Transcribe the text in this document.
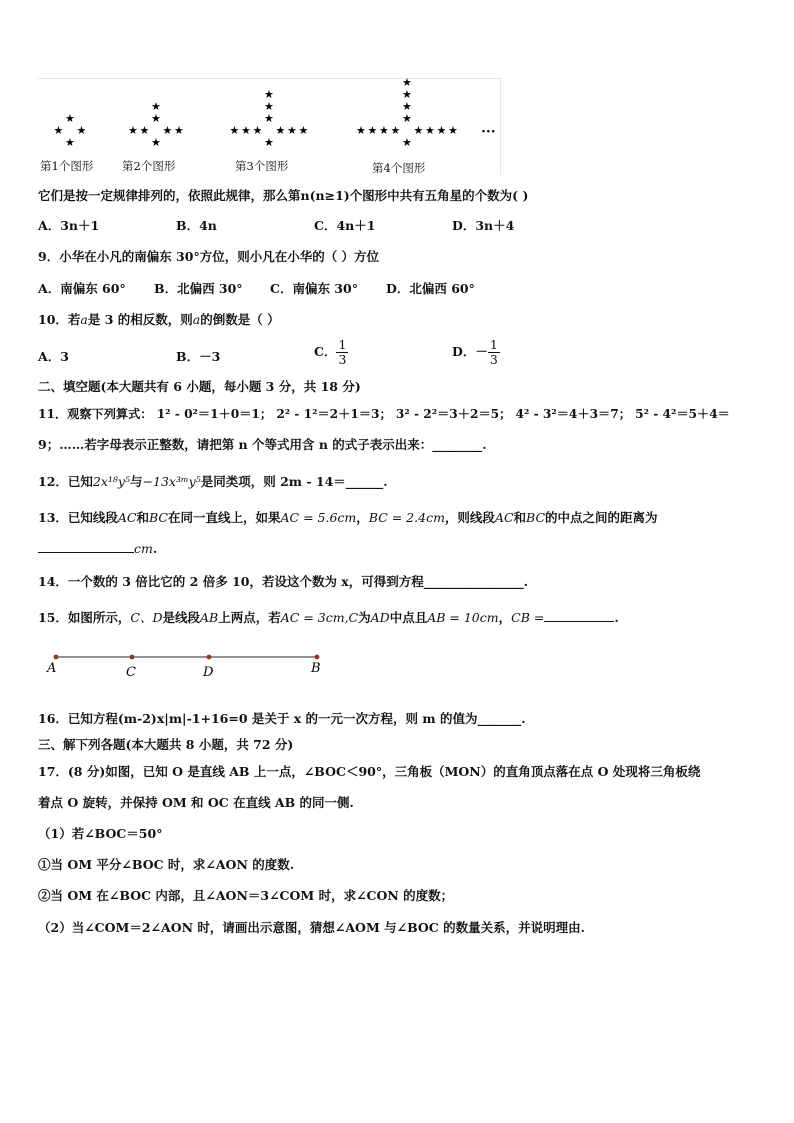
★
★
★ ★
★
★
★
★ ★
★	★
★
★
★
★
★ ★
★	★
★	★
★
★
★
★
★
★ ★
★	★
★	★
★	★
第1个图形 第2个图形	第3个图形	第4个图形
···
它们是按一定规律排列的，依照此规律，那么第n(n≥1)个图形中共有五角星的个数为( )
A．3n＋1	B．4n	C．4n＋1	D．3n＋4
9．小华在小凡的南偏东 30°方位，则小凡在小华的（ ）方位
A．南偏东 60° B．北偏西 30° C．南偏东 30° D．北偏西 60°
10．若a是 3 的相反数，则a的倒数是（ ）
A．3	B．－3	C． $\frac{1}{3}$	D．－ $\frac{1}{3}$
二、填空题(本大题共有 6 小题，每小题 3 分，共 18 分)
11．观察下列算式： 1² - 0²＝1＋0＝1； 2² - 1²＝2＋1＝3； 3² - 2²＝3＋2＝5； 4² - 3²＝4＋3＝7； 5² - 4²＝5＋4＝
9；……若字母表示正整数，请把第 n 个等式用含 n 的式子表示出来：________.
12．已知2x¹⁸y⁵与−13x³ᵐy⁵是同类项，则 2m - 14＝______.
13．已知线段AC和BC在同一直线上，如果AC = 5.6cm，BC = 2.4cm，则线段AC和BC的中点之间的距离为
cm.
14．一个数的 3 倍比它的 2 倍多 10，若设这个数为 x，可得到方程________________.
15．如图所示，C、D是线段AB上两点，若AC = 3cm,C为AD中点且AB = 10cm，CB =	.
A	C	D	B
16．已知方程(m-2)x|m|-1+16=0 是关于 x 的一元一次方程，则 m 的值为_______.
三、解下列各题(本大题共 8 小题，共 72 分)
17．(8 分)如图，已知 O 是直线 AB 上一点，∠BOC＜90°，三角板（MON）的直角顶点落在点 O 处现将三角板绕
着点 O 旋转，并保持 OM 和 OC 在直线 AB 的同一侧.
（1）若∠BOC＝50°
①当 OM 平分∠BOC 时，求∠AON 的度数.
②当 OM 在∠BOC 内部，且∠AON＝3∠COM 时，求∠CON 的度数；
（2）当∠COM＝2∠AON 时，请画出示意图，猜想∠AOM 与∠BOC 的数量关系，并说明理由.
